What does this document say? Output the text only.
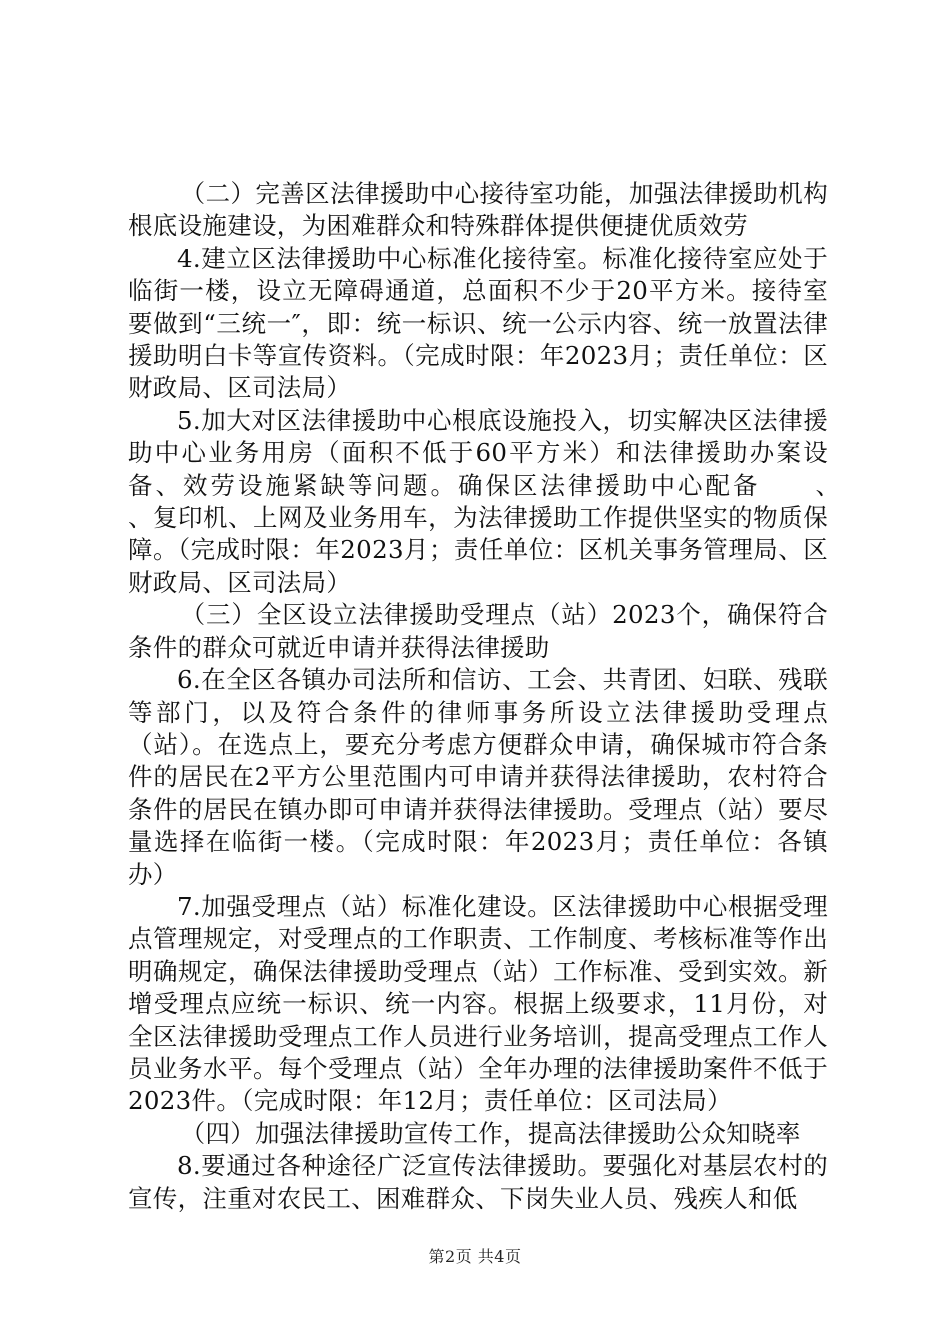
（二）完善区法律援助中心接待室功能，加强法律援助机构根底设施建设，为困难群众和特殊群体提供便捷优质效劳

4.建立区法律援助中心标准化接待室。标准化接待室应处于临街一楼，设立无障碍通道，总面积不少于20平方米。接待室要做到“三统一″，即：统一标识、统一公示内容、统一放置法律援助明白卡等宣传资料。（完成时限：年2023月；责任单位：区财政局、区司法局）

5.加大对区法律援助中心根底设施投入，切实解决区法律援助中心业务用房（面积不低于60平方米）和法律援助办案设备、效劳设施紧缺等问题。确保区法律援助中心配备　　、　　、复印机、上网及业务用车，为法律援助工作提供坚实的物质保障。（完成时限：年2023月；责任单位：区机关事务管理局、区财政局、区司法局）

（三）全区设立法律援助受理点（站）2023个，确保符合条件的群众可就近申请并获得法律援助

6.在全区各镇办司法所和信访、工会、共青团、妇联、残联等部门，以及符合条件的律师事务所设立法律援助受理点（站）。在选点上，要充分考虑方便群众申请，确保城市符合条件的居民在2平方公里范围内可申请并获得法律援助，农村符合条件的居民在镇办即可申请并获得法律援助。受理点（站）要尽量选择在临街一楼。（完成时限：年2023月；责任单位：各镇办）

7.加强受理点（站）标准化建设。区法律援助中心根据受理点管理规定，对受理点的工作职责、工作制度、考核标准等作出明确规定，确保法律援助受理点（站）工作标准、受到实效。新增受理点应统一标识、统一内容。根据上级要求，11月份，对全区法律援助受理点工作人员进行业务培训，提高受理点工作人员业务水平。每个受理点（站）全年办理的法律援助案件不低于2023件。（完成时限：年12月；责任单位：区司法局）

（四）加强法律援助宣传工作，提高法律援助公众知晓率

8.要通过各种途径广泛宣传法律援助。要强化对基层农村的宣传，注重对农民工、困难群众、下岗失业人员、残疾人和低

第2页 共4页
